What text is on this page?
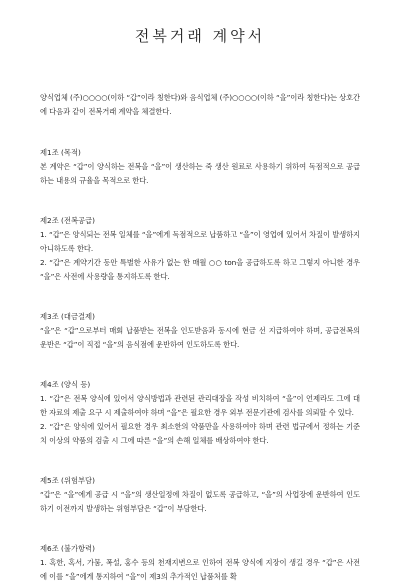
전복거래 계약서

양식업체 (주)○○○○(이하 “갑”이라 칭한다)와 음식업체 (주)○○○○(이하 “을”이라 칭한다)는 상호간에 다음과 같이 전복거래 계약을 체결한다.

제1조 (목적)

본 계약은 “갑”이 양식하는 전복을 “을”이 생산하는 죽 생산 원료로 사용하기 위하여 독점적으로 공급하는 내용의 규율을 목적으로 한다.

제2조 (전복공급)

1. “갑”은 양식되는 전복 일체를 “을”에게 독점적으로 납품하고 “을”이 영업에 있어서 차질이 발생하지 아니하도록 한다.

2. “갑”은 계약기간 동안 특별한 사유가 없는 한 매월 ○○ ton을 공급하도록 하고 그렇지 아니한 경우 “을”은 사전에 사용량을 통지하도록 한다.

제3조 (대금결제)

“을”은 “갑”으로부터 매회 납품받는 전복을 인도받음과 동시에 현금 선 지급하여야 하며, 공급전복의 운반은 “갑”이 직접 “을”의 음식점에 운반하여 인도하도록 한다.

제4조 (양식 등)

1. “갑”은 전복 양식에 있어서 양식방법과 관련된 관리대장을 작성 비치하여 “을”이 언제라도 그에 대한 자료의 제출 요구 시 제출하여야 하며 “을”은 필요한 경우 외부 전문기관에 검사를 의뢰할 수 있다.

2. “갑”은 양식에 있어서 필요한 경우 최소한의 약품만을 사용하여야 하며 관련 법규에서 정하는 기준치 이상의 약품의 검출 시 그에 따른 “을”의 손해 일체를 배상하여야 한다.

제5조 (위험부담)

“갑”은 “을”에게 공급 시 “을”의 생산일정에 차질이 없도록 공급하고, “을”의 사업장에 운반하여 인도하기 이전까지 발생하는 위험부담은 “갑”이 부담한다.

제6조 (불가항력)

1. 혹한, 혹서, 가뭄, 폭설, 홍수 등의 천재지변으로 인하여 전복 양식에 지장이 생길 경우 “갑”은 사전에 이를 “을”에게 통지하여 “을”이 제3의 추가적인 납품처를 확
